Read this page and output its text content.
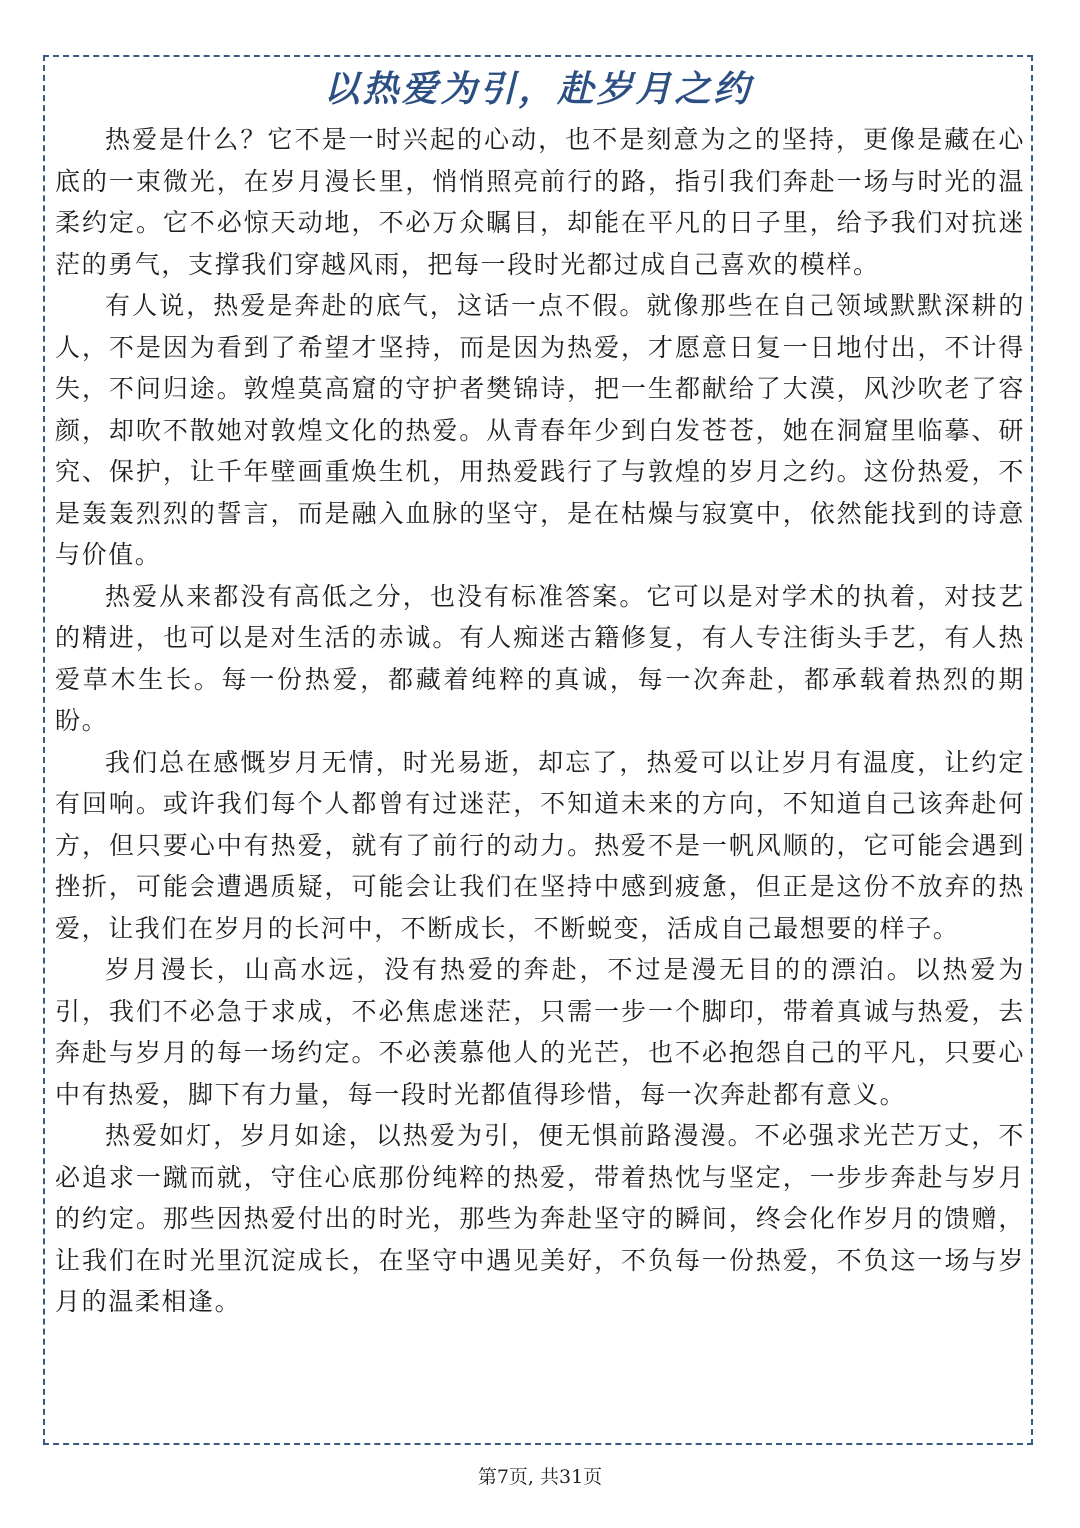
以热爱为引，赴岁月之约

热爱是什么？它不是一时兴起的心动，也不是刻意为之的坚持，更像是藏在心底的一束微光，在岁月漫长里，悄悄照亮前行的路，指引我们奔赴一场与时光的温柔约定。它不必惊天动地，不必万众瞩目，却能在平凡的日子里，给予我们对抗迷茫的勇气，支撑我们穿越风雨，把每一段时光都过成自己喜欢的模样。

有人说，热爱是奔赴的底气，这话一点不假。就像那些在自己领域默默深耕的人，不是因为看到了希望才坚持，而是因为热爱，才愿意日复一日地付出，不计得失，不问归途。敦煌莫高窟的守护者樊锦诗，把一生都献给了大漠，风沙吹老了容颜，却吹不散她对敦煌文化的热爱。从青春年少到白发苍苍，她在洞窟里临摹、研究、保护，让千年壁画重焕生机，用热爱践行了与敦煌的岁月之约。这份热爱，不是轰轰烈烈的誓言，而是融入血脉的坚守，是在枯燥与寂寞中，依然能找到的诗意与价值。

热爱从来都没有高低之分，也没有标准答案。它可以是对学术的执着，对技艺的精进，也可以是对生活的赤诚。有人痴迷古籍修复，有人专注街头手艺，有人热爱草木生长。每一份热爱，都藏着纯粹的真诚，每一次奔赴，都承载着热烈的期盼。

我们总在感慨岁月无情，时光易逝，却忘了，热爱可以让岁月有温度，让约定有回响。或许我们每个人都曾有过迷茫，不知道未来的方向，不知道自己该奔赴何方，但只要心中有热爱，就有了前行的动力。热爱不是一帆风顺的，它可能会遇到挫折，可能会遭遇质疑，可能会让我们在坚持中感到疲惫，但正是这份不放弃的热爱，让我们在岁月的长河中，不断成长，不断蜕变，活成自己最想要的样子。

岁月漫长，山高水远，没有热爱的奔赴，不过是漫无目的的漂泊。以热爱为引，我们不必急于求成，不必焦虑迷茫，只需一步一个脚印，带着真诚与热爱，去奔赴与岁月的每一场约定。不必羡慕他人的光芒，也不必抱怨自己的平凡，只要心中有热爱，脚下有力量，每一段时光都值得珍惜，每一次奔赴都有意义。

热爱如灯，岁月如途，以热爱为引，便无惧前路漫漫。不必强求光芒万丈，不必追求一蹴而就，守住心底那份纯粹的热爱，带着热忱与坚定，一步步奔赴与岁月的约定。那些因热爱付出的时光，那些为奔赴坚守的瞬间，终会化作岁月的馈赠，让我们在时光里沉淀成长，在坚守中遇见美好，不负每一份热爱，不负这一场与岁月的温柔相逢。

第7页, 共31页
